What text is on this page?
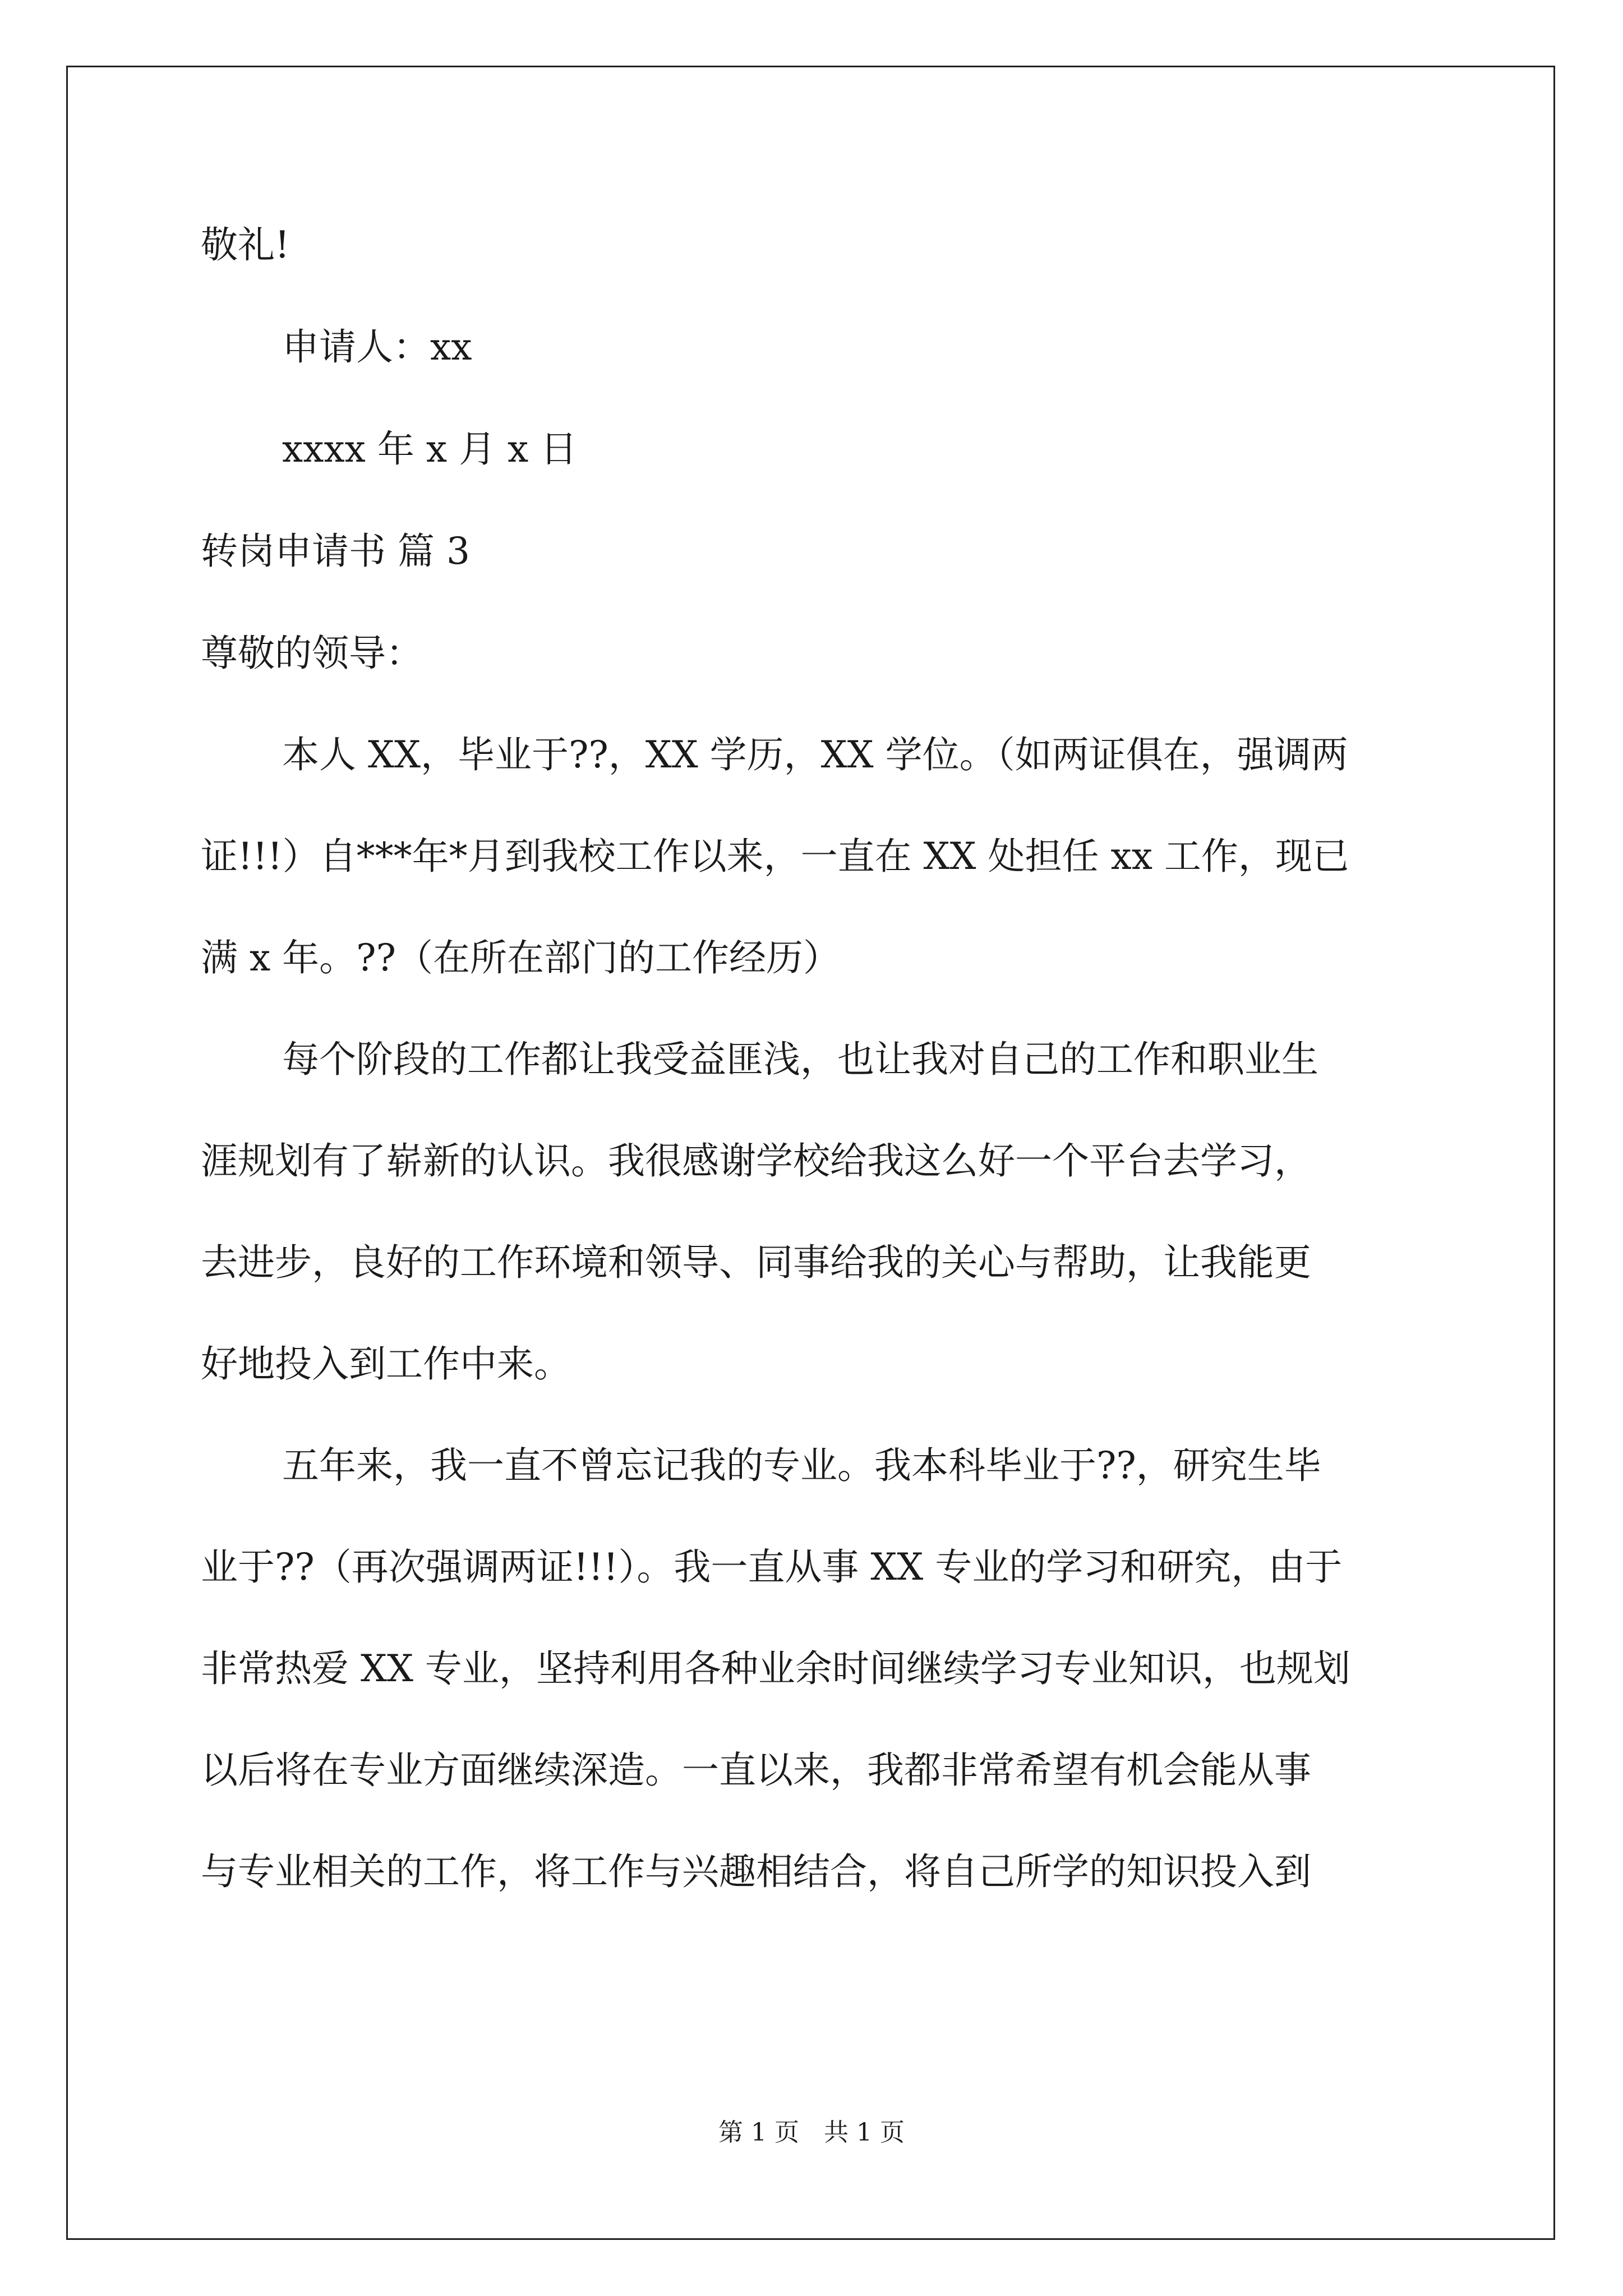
敬礼!

申请人：xx

xxxx 年 x 月 x 日

转岗申请书 篇 3

尊敬的领导：

本人 XX，毕业于??，XX 学历，XX 学位。（如两证俱在，强调两
证!!!）自***年*月到我校工作以来，一直在 XX 处担任 xx 工作，现已
满 x 年。??（在所在部门的工作经历）
每个阶段的工作都让我受益匪浅，也让我对自己的工作和职业生
涯规划有了崭新的认识。我很感谢学校给我这么好一个平台去学习，
去进步，良好的工作环境和领导、同事给我的关心与帮助，让我能更
好地投入到工作中来。
五年来，我一直不曾忘记我的专业。我本科毕业于??，研究生毕
业于??（再次强调两证!!!）。我一直从事 XX 专业的学习和研究，由于
非常热爱 XX 专业，坚持利用各种业余时间继续学习专业知识，也规划
以后将在专业方面继续深造。一直以来，我都非常希望有机会能从事
与专业相关的工作，将工作与兴趣相结合，将自己所学的知识投入到
第 1 页　共 1 页
